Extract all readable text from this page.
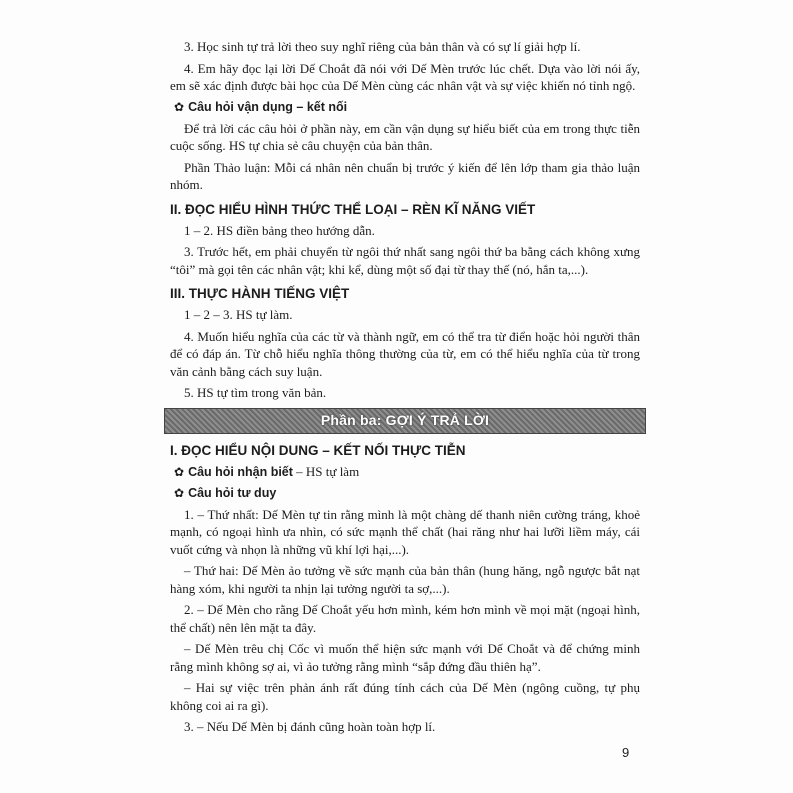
3. Học sinh tự trả lời theo suy nghĩ riêng của bản thân và có sự lí giải hợp lí.

4. Em hãy đọc lại lời Dế Choắt đã nói với Dế Mèn trước lúc chết. Dựa vào lời nói ấy, em sẽ xác định được bài học của Dế Mèn cùng các nhân vật và sự việc khiến nó tỉnh ngộ.

✿ Câu hỏi vận dụng – kết nối

Để trả lời các câu hỏi ở phần này, em cần vận dụng sự hiểu biết của em trong thực tiễn cuộc sống. HS tự chia sẻ câu chuyện của bản thân.

Phần Thảo luận: Mỗi cá nhân nên chuẩn bị trước ý kiến để lên lớp tham gia thảo luận nhóm.

II. ĐỌC HIỂU HÌNH THỨC THỂ LOẠI – RÈN KĨ NĂNG VIẾT

1 – 2. HS điền bảng theo hướng dẫn.

3. Trước hết, em phải chuyển từ ngôi thứ nhất sang ngôi thứ ba bằng cách không xưng “tôi” mà gọi tên các nhân vật; khi kể, dùng một số đại từ thay thế (nó, hắn ta,...).

III. THỰC HÀNH TIẾNG VIỆT

1 – 2 – 3. HS tự làm.

4. Muốn hiểu nghĩa của các từ và thành ngữ, em có thể tra từ điển hoặc hỏi người thân để có đáp án. Từ chỗ hiểu nghĩa thông thường của từ, em có thể hiểu nghĩa của từ trong văn cảnh bằng cách suy luận.

5. HS tự tìm trong văn bản.

Phần ba: GỢI Ý TRẢ LỜI
I. ĐỌC HIỂU NỘI DUNG – KẾT NỐI THỰC TIỄN
✿ Câu hỏi nhận biết – HS tự làm
✿ Câu hỏi tư duy

1. – Thứ nhất: Dế Mèn tự tin rằng mình là một chàng dế thanh niên cường tráng, khoẻ mạnh, có ngoại hình ưa nhìn, có sức mạnh thể chất (hai răng như hai lưỡi liềm máy, cái vuốt cứng và nhọn là những vũ khí lợi hại,...).

– Thứ hai: Dế Mèn ảo tưởng về sức mạnh của bản thân (hung hăng, ngỗ ngược bắt nạt hàng xóm, khi người ta nhịn lại tưởng người ta sợ,...).

2. – Dế Mèn cho rằng Dế Choắt yếu hơn mình, kém hơn mình về mọi mặt (ngoại hình, thể chất) nên lên mặt ta đây.

– Dế Mèn trêu chị Cốc vì muốn thể hiện sức mạnh với Dế Choắt và để chứng minh rằng mình không sợ ai, vì ảo tưởng rằng mình “sắp đứng đầu thiên hạ”.

– Hai sự việc trên phản ánh rất đúng tính cách của Dế Mèn (ngông cuồng, tự phụ không coi ai ra gì).

3. – Nếu Dế Mèn bị đánh cũng hoàn toàn hợp lí.

9
